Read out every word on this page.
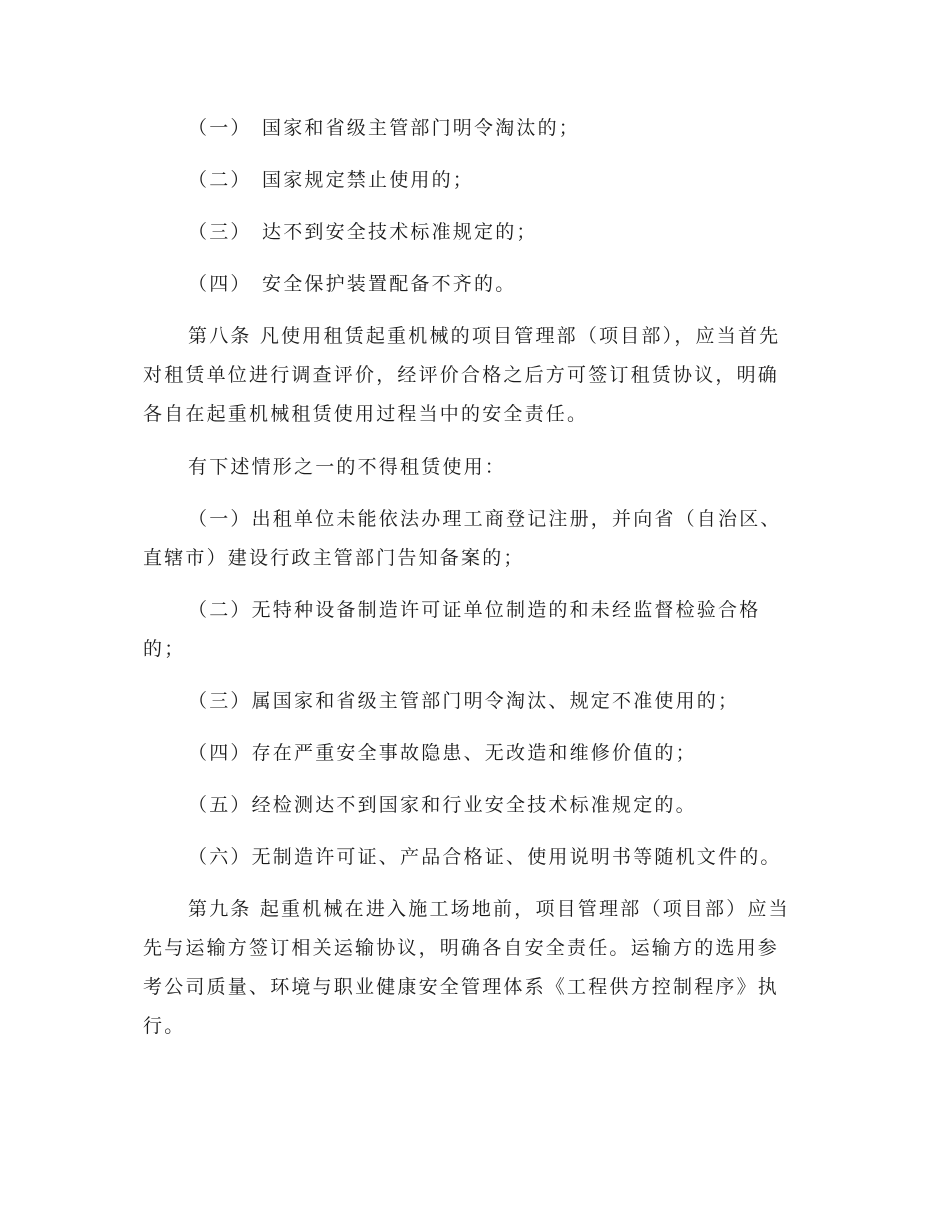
（一） 国家和省级主管部门明令淘汰的；
（二） 国家规定禁止使用的；
（三） 达不到安全技术标准规定的；
（四） 安全保护装置配备不齐的。
第八条 凡使用租赁起重机械的项目管理部（项目部），应当首先
对租赁单位进行调查评价，经评价合格之后方可签订租赁协议，明确
各自在起重机械租赁使用过程当中的安全责任。
有下述情形之一的不得租赁使用：
（一）出租单位未能依法办理工商登记注册，并向省（自治区、
直辖市）建设行政主管部门告知备案的；
（二）无特种设备制造许可证单位制造的和未经监督检验合格
的；
（三）属国家和省级主管部门明令淘汰、规定不准使用的；
（四）存在严重安全事故隐患、无改造和维修价值的；
（五）经检测达不到国家和行业安全技术标准规定的。
（六）无制造许可证、产品合格证、使用说明书等随机文件的。
第九条 起重机械在进入施工场地前，项目管理部（项目部）应当
先与运输方签订相关运输协议，明确各自安全责任。运输方的选用参
考公司质量、环境与职业健康安全管理体系《工程供方控制程序》执
行。
